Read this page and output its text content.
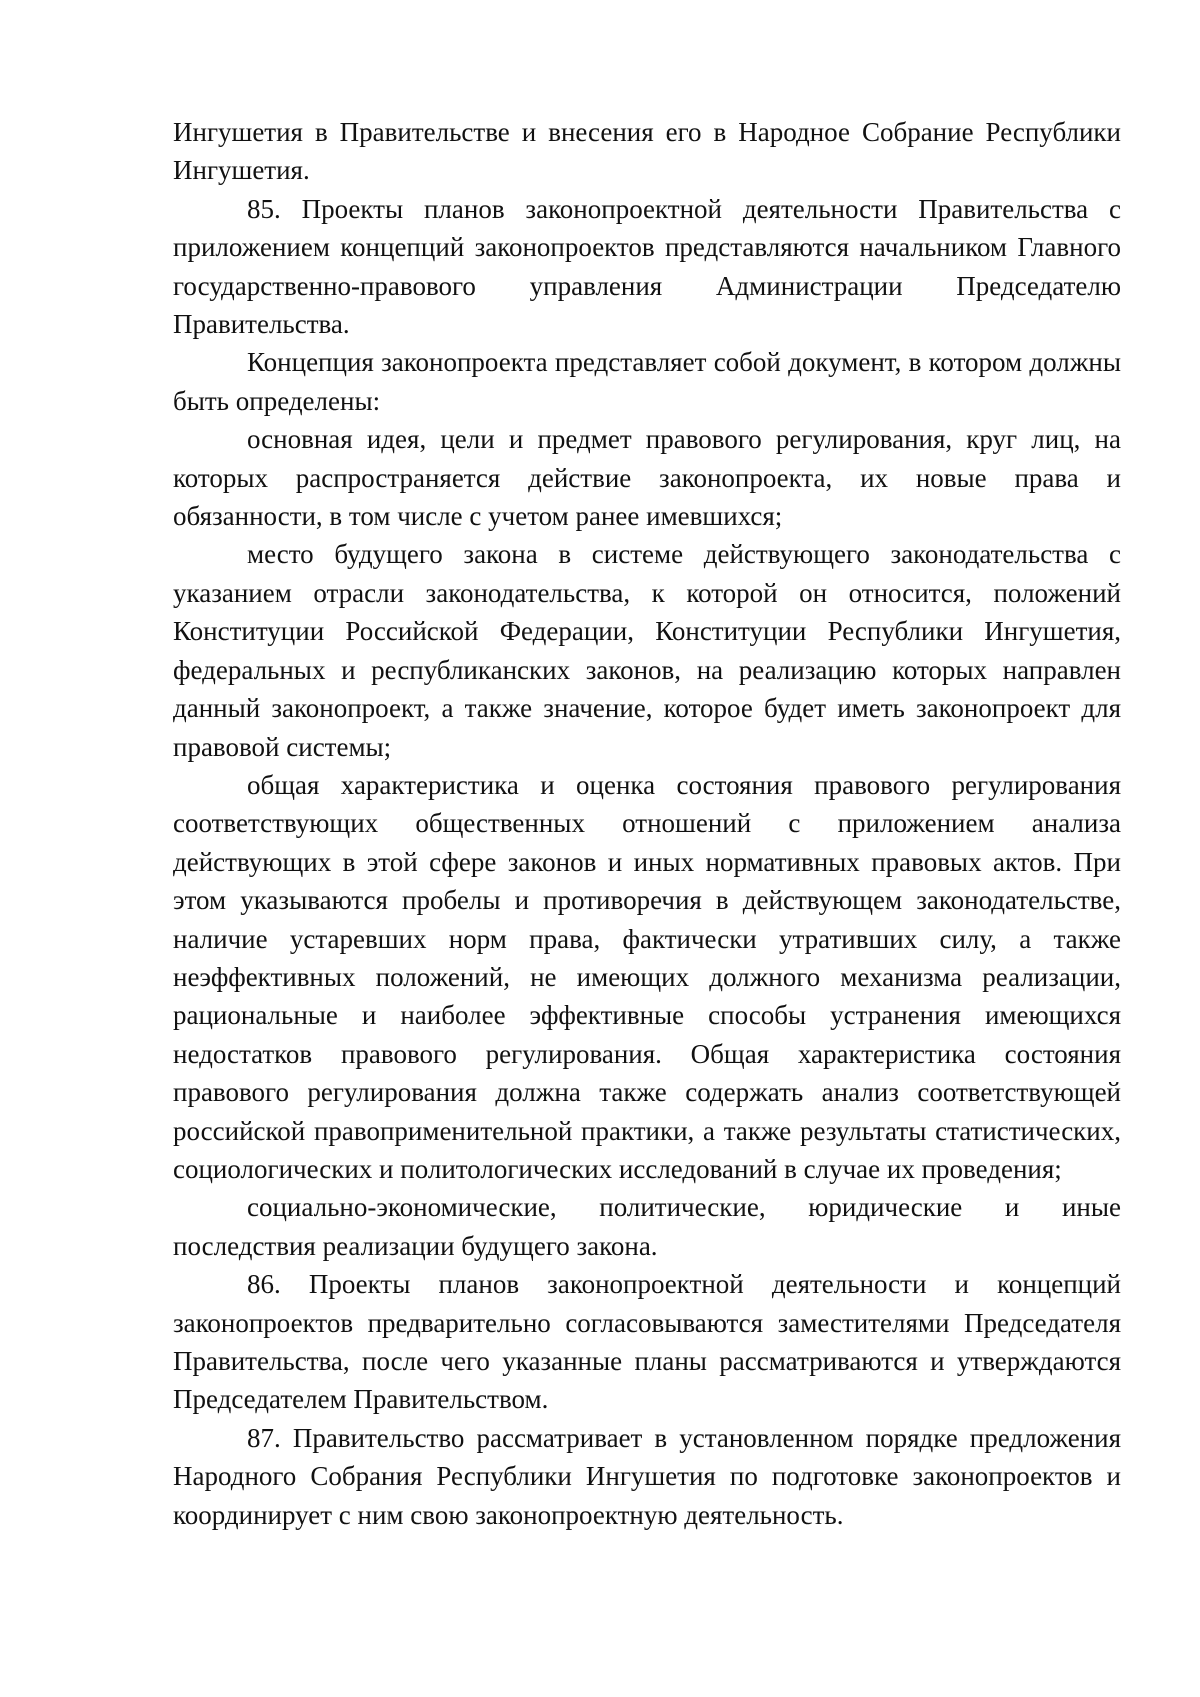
Ингушетия в Правительстве и внесения его в Народное Собрание Республики Ингушетия.

85. Проекты планов законопроектной деятельности Правительства с приложением концепций законопроектов представляются начальником Главного государственно-правового управления Администрации Председателю Правительства.

Концепция законопроекта представляет собой документ, в котором должны быть определены:

основная идея, цели и предмет правового регулирования, круг лиц, на которых распространяется действие законопроекта, их новые права и обязанности, в том числе с учетом ранее имевшихся;

место будущего закона в системе действующего законодательства с указанием отрасли законодательства, к которой он относится, положений Конституции Российской Федерации, Конституции Республики Ингушетия, федеральных и республиканских законов, на реализацию которых направлен данный законопроект, а также значение, которое будет иметь законопроект для правовой системы;

общая характеристика и оценка состояния правового регулирования соответствующих общественных отношений с приложением анализа действующих в этой сфере законов и иных нормативных правовых актов. При этом указываются пробелы и противоречия в действующем законодательстве, наличие устаревших норм права, фактически утративших силу, а также неэффективных положений, не имеющих должного механизма реализации, рациональные и наиболее эффективные способы устранения имеющихся недостатков правового регулирования. Общая характеристика состояния правового регулирования должна также содержать анализ соответствующей российской правоприменительной практики, а также результаты статистических, социологических и политологических исследований в случае их проведения;

социально-экономические, политические, юридические и иные последствия реализации будущего закона.

86. Проекты планов законопроектной деятельности и концепций законопроектов предварительно согласовываются заместителями Председателя Правительства, после чего указанные планы рассматриваются и утверждаются Председателем Правительством.

87. Правительство рассматривает в установленном порядке предложения Народного Собрания Республики Ингушетия по подготовке законопроектов и координирует с ним свою законопроектную деятельность.
